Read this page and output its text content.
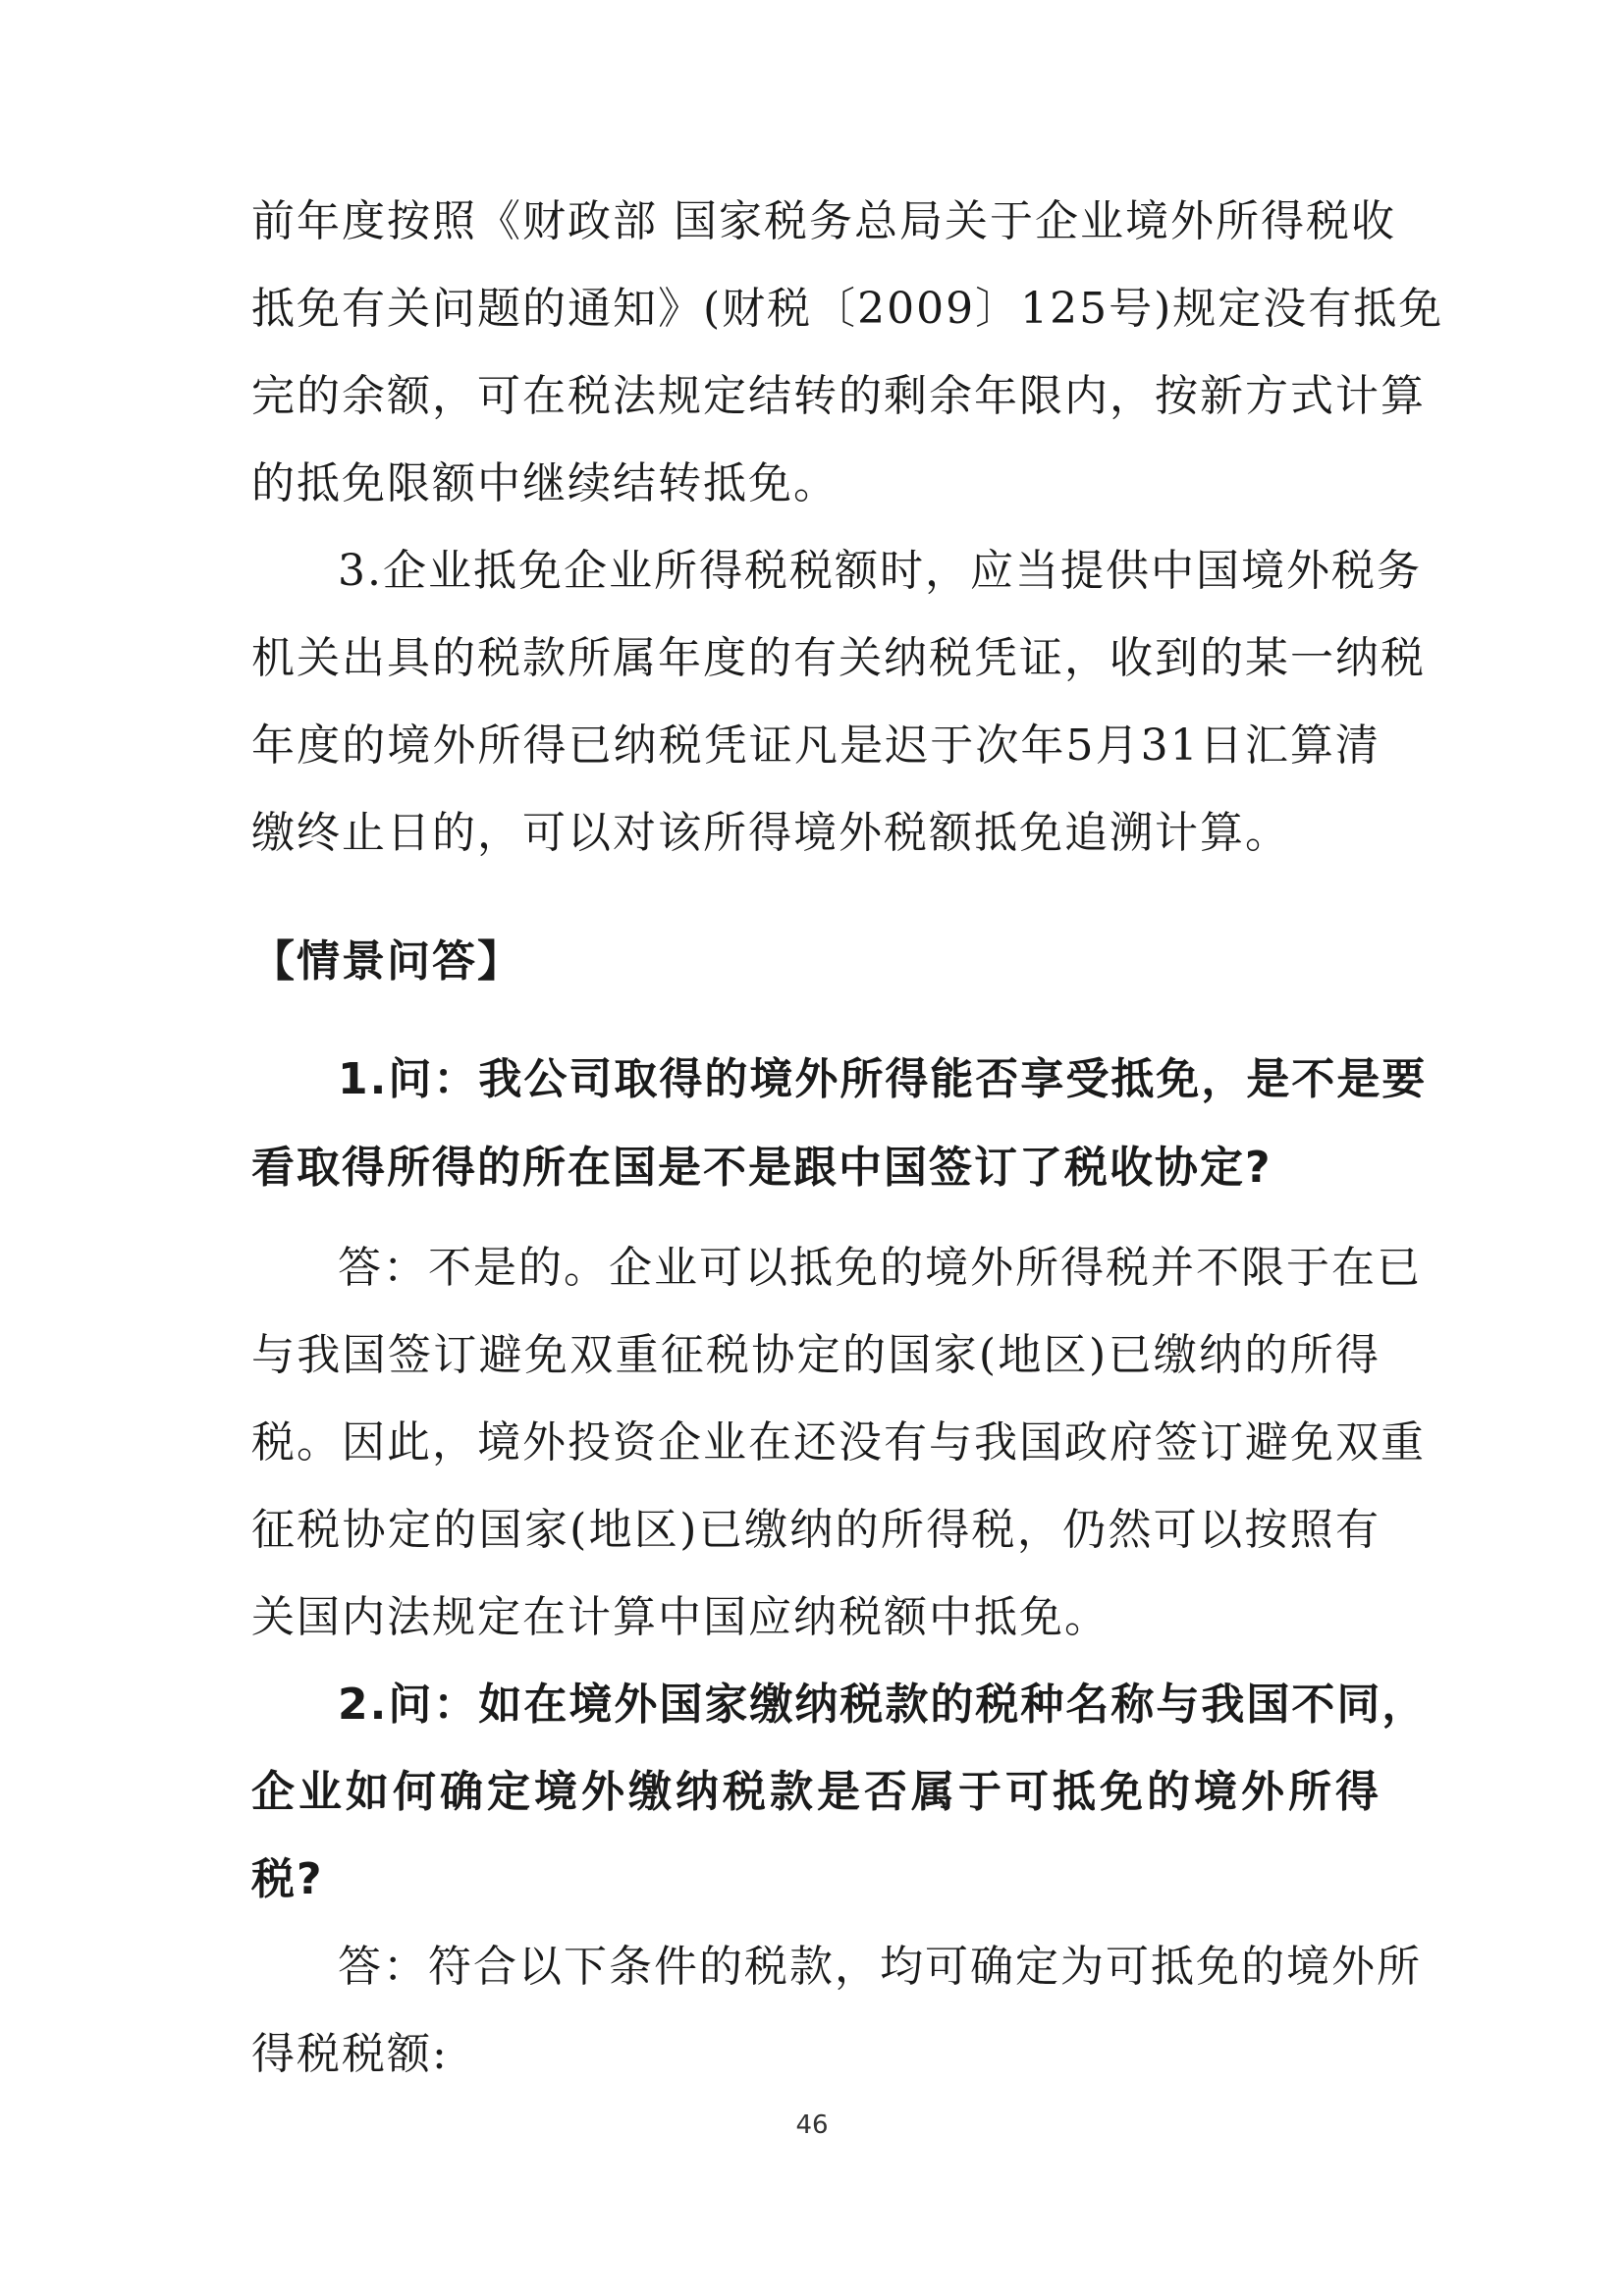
前年度按照《财政部 国家税务总局关于企业境外所得税收
抵免有关问题的通知》(财税〔2009〕125号)规定没有抵免
完的余额，可在税法规定结转的剩余年限内，按新方式计算
的抵免限额中继续结转抵免。
3.企业抵免企业所得税税额时，应当提供中国境外税务
机关出具的税款所属年度的有关纳税凭证，收到的某一纳税
年度的境外所得已纳税凭证凡是迟于次年5月31日汇算清
缴终止日的，可以对该所得境外税额抵免追溯计算。
【情景问答】
1.问：我公司取得的境外所得能否享受抵免，是不是要
看取得所得的所在国是不是跟中国签订了税收协定?
答：不是的。企业可以抵免的境外所得税并不限于在已
与我国签订避免双重征税协定的国家(地区)已缴纳的所得
税。因此，境外投资企业在还没有与我国政府签订避免双重
征税协定的国家(地区)已缴纳的所得税，仍然可以按照有
关国内法规定在计算中国应纳税额中抵免。
2.问：如在境外国家缴纳税款的税种名称与我国不同，
企业如何确定境外缴纳税款是否属于可抵免的境外所得
税?
答：符合以下条件的税款，均可确定为可抵免的境外所
得税税额:
46
